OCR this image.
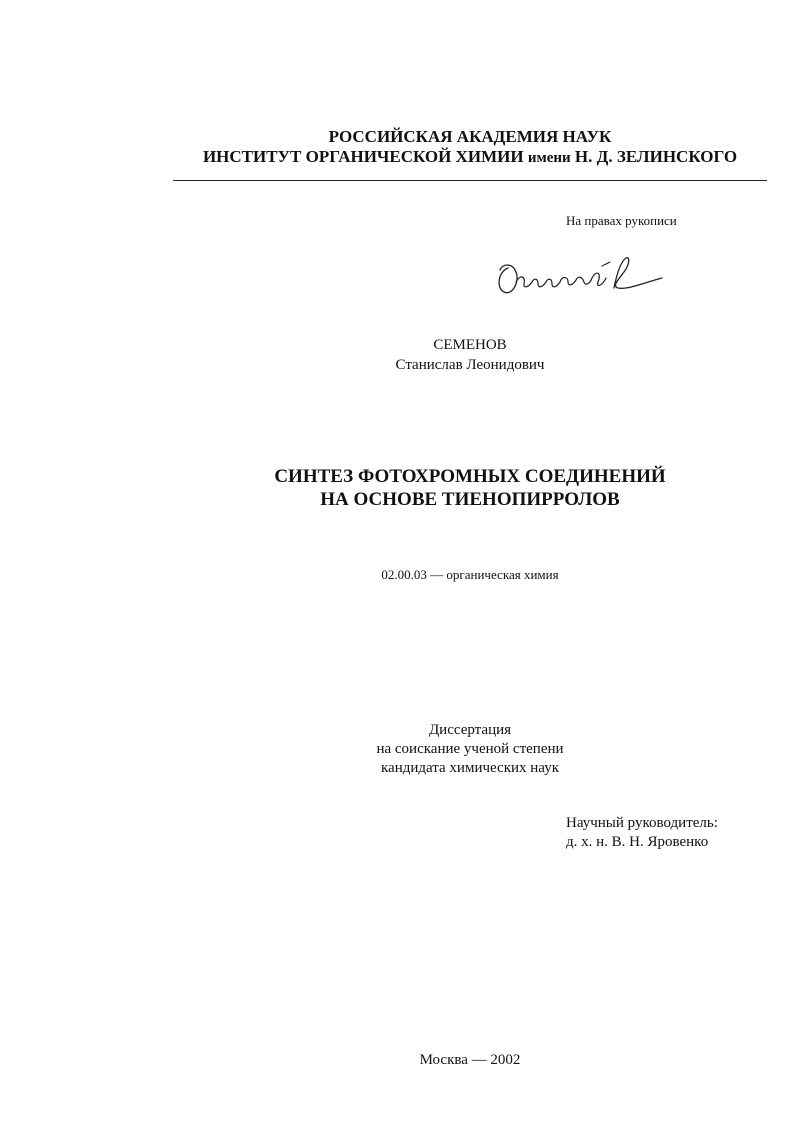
РОССИЙСКАЯ АКАДЕМИЯ НАУК
ИНСТИТУТ ОРГАНИЧЕСКОЙ ХИМИИ имени Н. Д. ЗЕЛИНСКОГО
На правах рукописи
СЕМЕНОВ
Станислав Леонидович
СИНТЕЗ ФОТОХРОМНЫХ СОЕДИНЕНИЙ
НА ОСНОВЕ ТИЕНОПИРРОЛОВ
02.00.03 — органическая химия
Диссертация
на соискание ученой степени
кандидата химических наук
Научный руководитель:
д. х. н. В. Н. Яровенко
Москва — 2002
